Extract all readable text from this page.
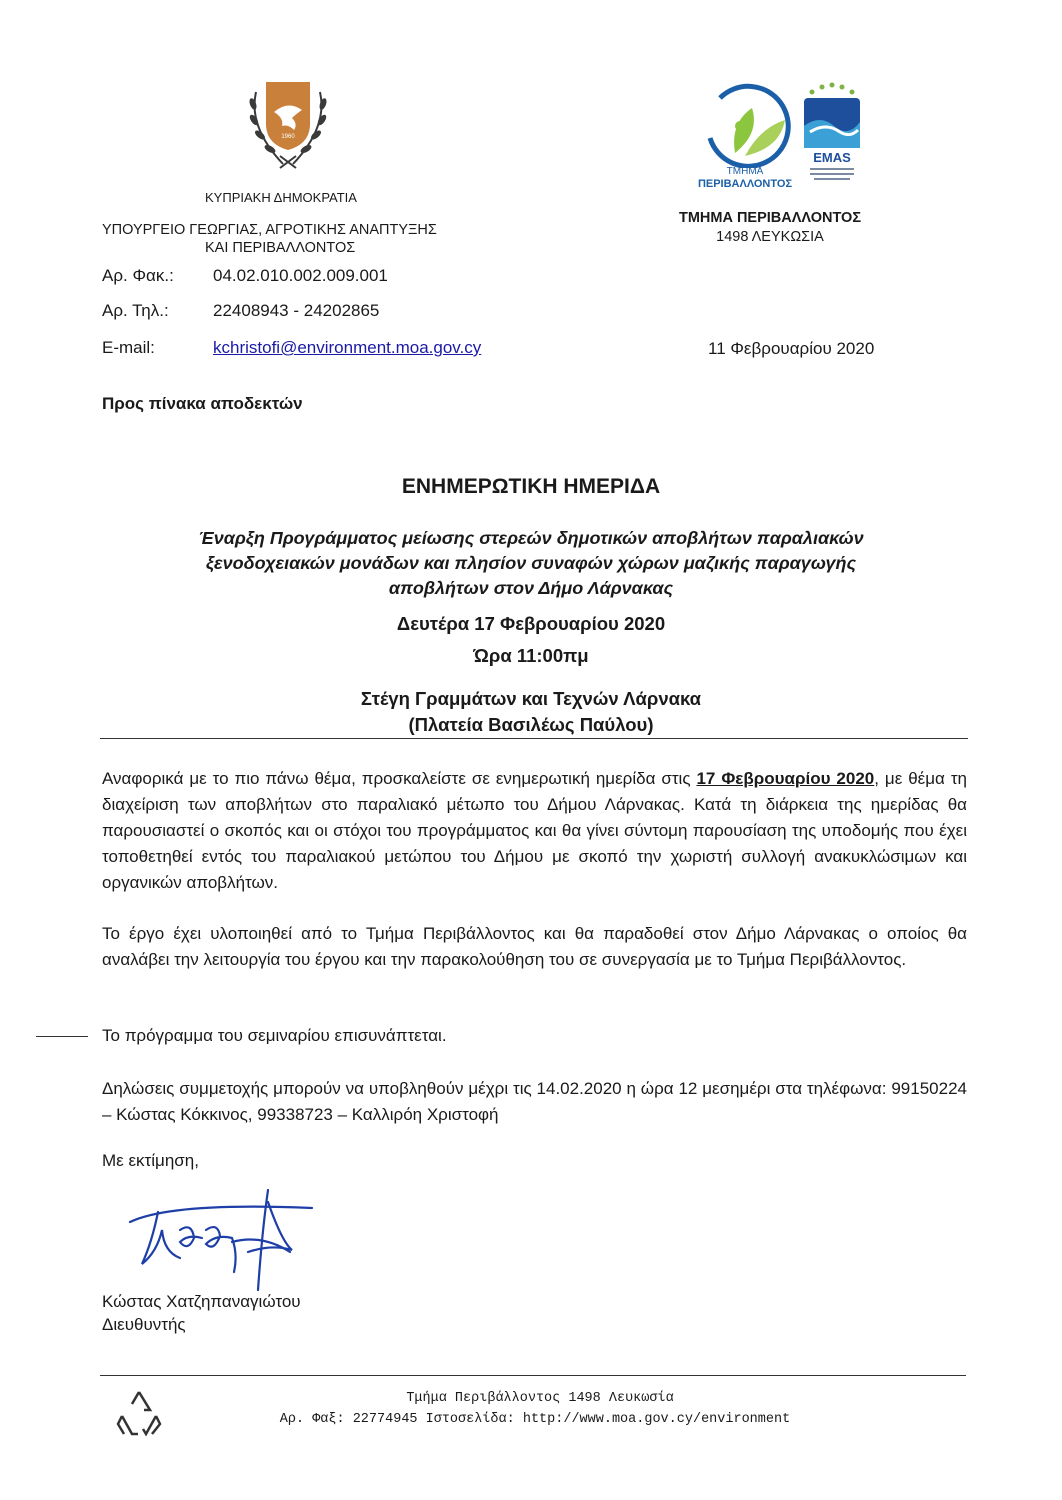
1960
ΚΥΠΡΙΑΚΗ ΔΗΜΟΚΡΑΤΙΑ
ΥΠΟΥΡΓΕΙΟ ΓΕΩΡΓΙΑΣ, ΑΓΡΟΤΙΚΗΣ ΑΝΑΠΤΥΞΗΣ
ΚΑΙ ΠΕΡΙΒΑΛΛΟΝΤΟΣ
ΤΜΗΜΑ
ΠΕΡΙΒΑΛΛΟΝΤΟΣ
EMAS
ΤΜΗΜΑ ΠΕΡΙΒΑΛΛΟΝΤΟΣ
1498 ΛΕΥΚΩΣΙΑ
Αρ. Φακ.: 04.02.010.002.009.001
Αρ. Τηλ.:	22408943 - 24202865
E-mail:	kchristofi@environment.moa.gov.cy	11 Φεβρουαρίου 2020
Προς πίνακα αποδεκτών
ΕΝΗΜΕΡΩΤΙΚΗ ΗΜΕΡΙΔΑ
Έναρξη Προγράμματος μείωσης στερεών δημοτικών αποβλήτων παραλιακών
ξενοδοχειακών μονάδων και πλησίον συναφών χώρων μαζικής παραγωγής
αποβλήτων στον Δήμο Λάρνακας
Δευτέρα 17 Φεβρουαρίου 2020
Ώρα 11:00πμ
Στέγη Γραμμάτων και Τεχνών Λάρνακα
(Πλατεία Βασιλέως Παύλου)
Αναφορικά με το πιο πάνω θέμα, προσκαλείστε σε ενημερωτική ημερίδα στις 17 Φεβρουαρίου 2020, με θέμα τη διαχείριση των αποβλήτων στο παραλιακό μέτωπο του Δήμου Λάρνακας. Κατά τη διάρκεια της ημερίδας θα παρουσιαστεί ο σκοπός και οι στόχοι του προγράμματος και θα γίνει σύντομη παρουσίαση της υποδομής που έχει τοποθετηθεί εντός του παραλιακού μετώπου του Δήμου με σκοπό την χωριστή συλλογή ανακυκλώσιμων και οργανικών αποβλήτων.
Το έργο έχει υλοποιηθεί από το Τμήμα Περιβάλλοντος και θα παραδοθεί στον Δήμο Λάρνακας ο οποίος θα αναλάβει την λειτουργία του έργου και την παρακολούθηση του σε συνεργασία με το Τμήμα Περιβάλλοντος.
Το πρόγραμμα του σεμιναρίου επισυνάπτεται.
Δηλώσεις συμμετοχής μπορούν να υποβληθούν μέχρι τις 14.02.2020 η ώρα 12 μεσημέρι στα τηλέφωνα: 99150224 – Κώστας Κόκκινος, 99338723 – Καλλιρόη Χριστοφή
Με εκτίμηση,
Κώστας Χατζηπαναγιώτου
Διευθυντής
Τμήμα Περιβάλλοντος 1498 Λευκωσία
Αρ. Φαξ: 22774945 Ιστοσελίδα: http://www.moa.gov.cy/environment
